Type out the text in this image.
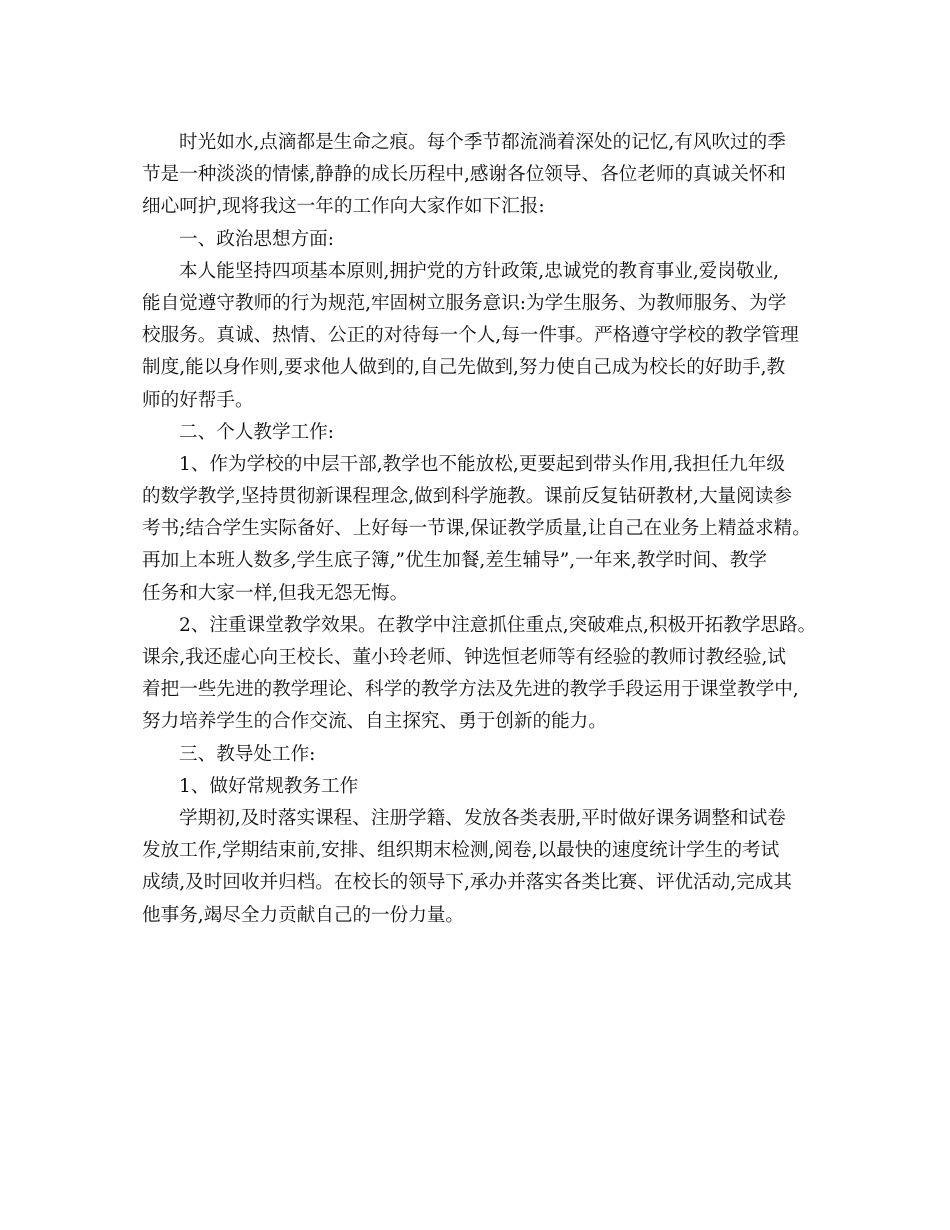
时光如水,点滴都是生命之痕。每个季节都流淌着深处的记忆,有风吹过的季
节是一种淡淡的情愫,静静的成长历程中,感谢各位领导、各位老师的真诚关怀和
细心呵护,现将我这一年的工作向大家作如下汇报:
一、政治思想方面:
本人能坚持四项基本原则,拥护党的方针政策,忠诚党的教育事业,爱岗敬业,
能自觉遵守教师的行为规范,牢固树立服务意识:为学生服务、为教师服务、为学
校服务。真诚、热情、公正的对待每一个人,每一件事。严格遵守学校的教学管理
制度,能以身作则,要求他人做到的,自己先做到,努力使自己成为校长的好助手,教
师的好帮手。
二、个人教学工作:
1、作为学校的中层干部,教学也不能放松,更要起到带头作用,我担任九年级
的数学教学,坚持贯彻新课程理念,做到科学施教。课前反复钻研教材,大量阅读参
考书;结合学生实际备好、上好每一节课,保证教学质量,让自己在业务上精益求精。
再加上本班人数多,学生底子簿,”优生加餐,差生辅导”,一年来,教学时间、教学
任务和大家一样,但我无怨无悔。
2、注重课堂教学效果。在教学中注意抓住重点,突破难点,积极开拓教学思路。
课余,我还虚心向王校长、董小玲老师、钟选恒老师等有经验的教师讨教经验,试
着把一些先进的教学理论、科学的教学方法及先进的教学手段运用于课堂教学中,
努力培养学生的合作交流、自主探究、勇于创新的能力。
三、教导处工作:
1、做好常规教务工作
学期初,及时落实课程、注册学籍、发放各类表册,平时做好课务调整和试卷
发放工作,学期结束前,安排、组织期末检测,阅卷,以最快的速度统计学生的考试
成绩,及时回收并归档。在校长的领导下,承办并落实各类比赛、评优活动,完成其
他事务,竭尽全力贡献自己的一份力量。
